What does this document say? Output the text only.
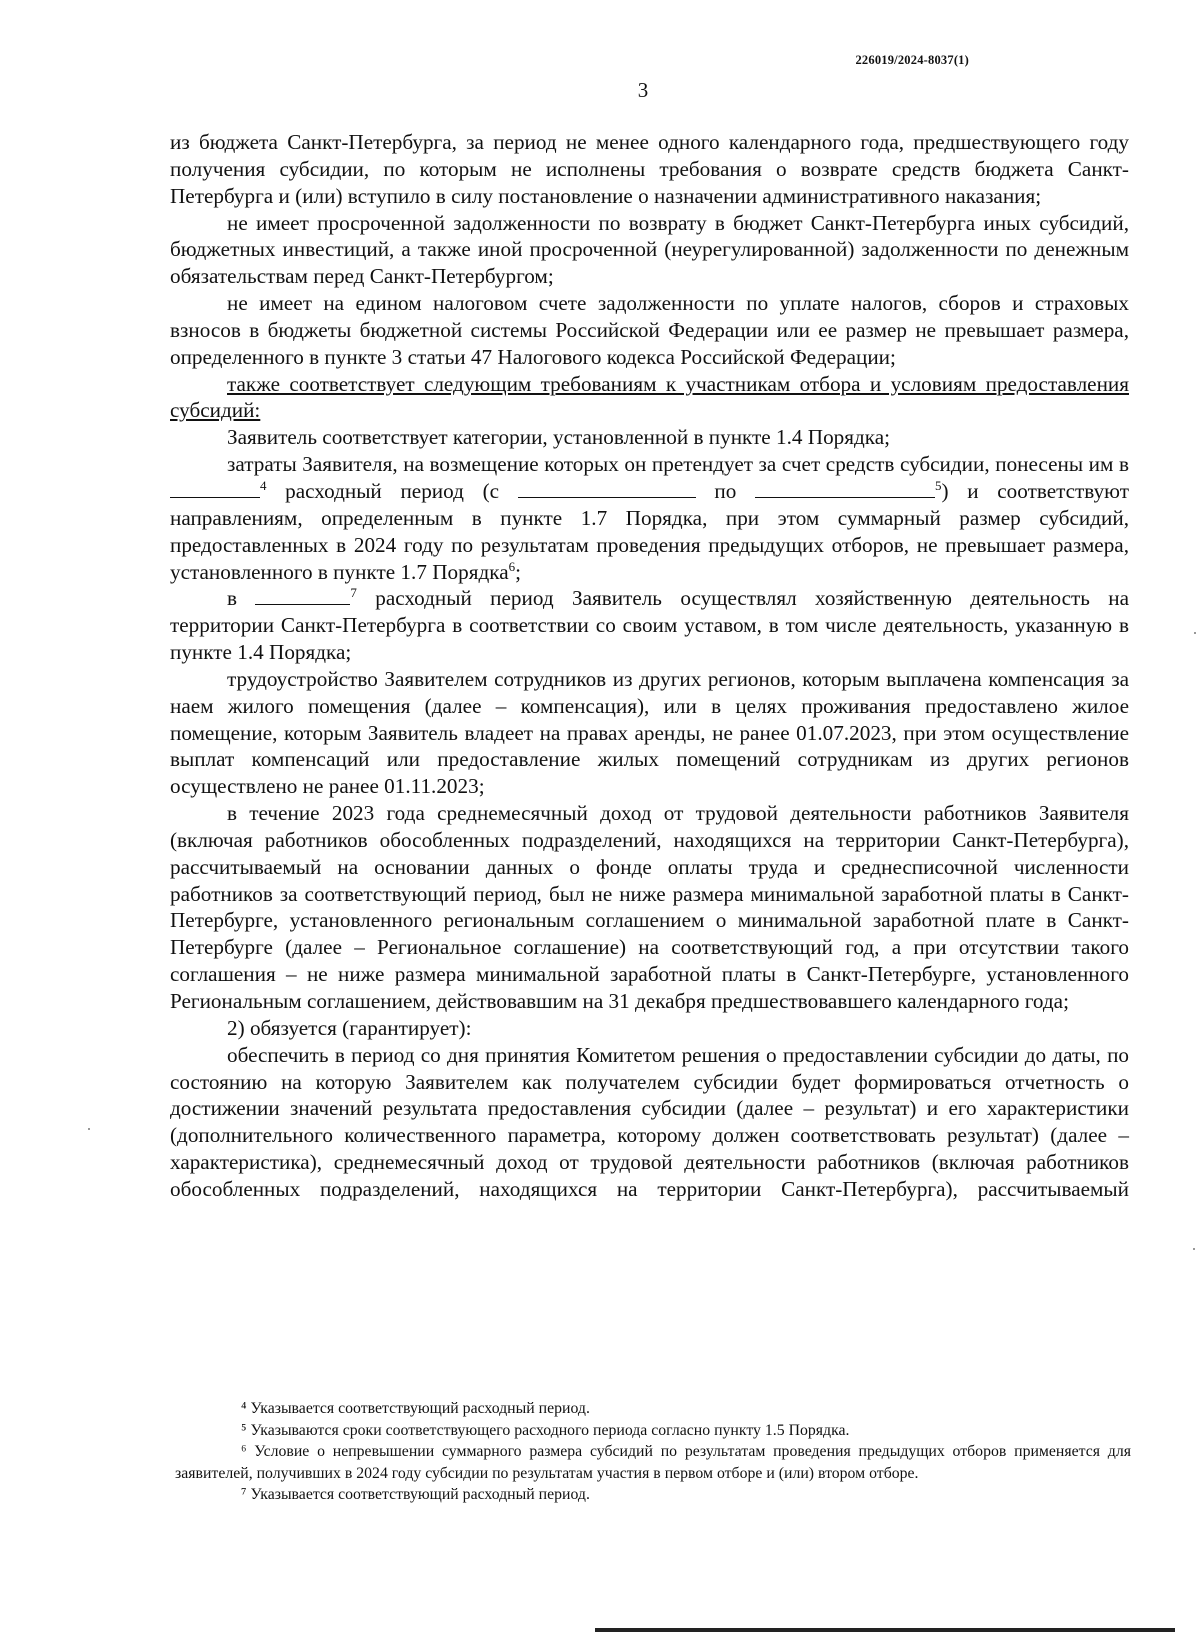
226019/2024-8037(1)
3

из бюджета Санкт-Петербурга, за период не менее одного календарного года, предшествующего году получения субсидии, по которым не исполнены требования о возврате средств бюджета Санкт-Петербурга и (или) вступило в силу постановление о назначении административного наказания;

не имеет просроченной задолженности по возврату в бюджет Санкт-Петербурга иных субсидий, бюджетных инвестиций, а также иной просроченной (неурегулированной) задолженности по денежным обязательствам перед Санкт-Петербургом;

не имеет на едином налоговом счете задолженности по уплате налогов, сборов и страховых взносов в бюджеты бюджетной системы Российской Федерации или ее размер не превышает размера, определенного в пункте 3 статьи 47 Налогового кодекса Российской Федерации;

также соответствует следующим требованиям к участникам отбора и условиям предоставления субсидий:

Заявитель соответствует категории, установленной в пункте 1.4 Порядка;

затраты Заявителя, на возмещение которых он претендует за счет средств субсидии, понесены им в $^4$ расходный период (с	по	$^5$) и соответствуют направлениям, определенным в пункте 1.7 Порядка, при этом суммарный размер субсидий, предоставленных в 2024 году по результатам проведения предыдущих отборов, не превышает размера, установленного в пункте 1.7 Порядка$^6$;

в	$^7$ расходный период Заявитель осуществлял хозяйственную деятельность на территории Санкт-Петербурга в соответствии со своим уставом, в том числе деятельность, указанную в пункте 1.4 Порядка;

трудоустройство Заявителем сотрудников из других регионов, которым выплачена компенсация за наем жилого помещения (далее – компенсация), или в целях проживания предоставлено жилое помещение, которым Заявитель владеет на правах аренды, не ранее 01.07.2023, при этом осуществление выплат компенсаций или предоставление жилых помещений сотрудникам из других регионов осуществлено не ранее 01.11.2023;

в течение 2023 года среднемесячный доход от трудовой деятельности работников Заявителя (включая работников обособленных подразделений, находящихся на территории Санкт-Петербурга), рассчитываемый на основании данных о фонде оплаты труда и среднесписочной численности работников за соответствующий период, был не ниже размера минимальной заработной платы в Санкт-Петербурге, установленного региональным соглашением о минимальной заработной плате в Санкт-Петербурге (далее – Региональное соглашение) на соответствующий год, а при отсутствии такого соглашения – не ниже размера минимальной заработной платы в Санкт-Петербурге, установленного Региональным соглашением, действовавшим на 31 декабря предшествовавшего календарного года;

2) обязуется (гарантирует):

обеспечить в период со дня принятия Комитетом решения о предоставлении субсидии до даты, по состоянию на которую Заявителем как получателем субсидии будет формироваться отчетность о достижении значений результата предоставления субсидии (далее – результат) и его характеристики (дополнительного количественного параметра, которому должен соответствовать результат) (далее – характеристика), среднемесячный доход от трудовой деятельности работников (включая работников обособленных подразделений, находящихся на территории Санкт-Петербурга), рассчитываемый

⁴ Указывается соответствующий расходный период.

⁵ Указываются сроки соответствующего расходного периода согласно пункту 1.5 Порядка.

⁶ Условие о непревышении суммарного размера субсидий по результатам проведения предыдущих отборов применяется для заявителей, получивших в 2024 году субсидии по результатам участия в первом отборе и (или) втором отборе.

⁷ Указывается соответствующий расходный период.
